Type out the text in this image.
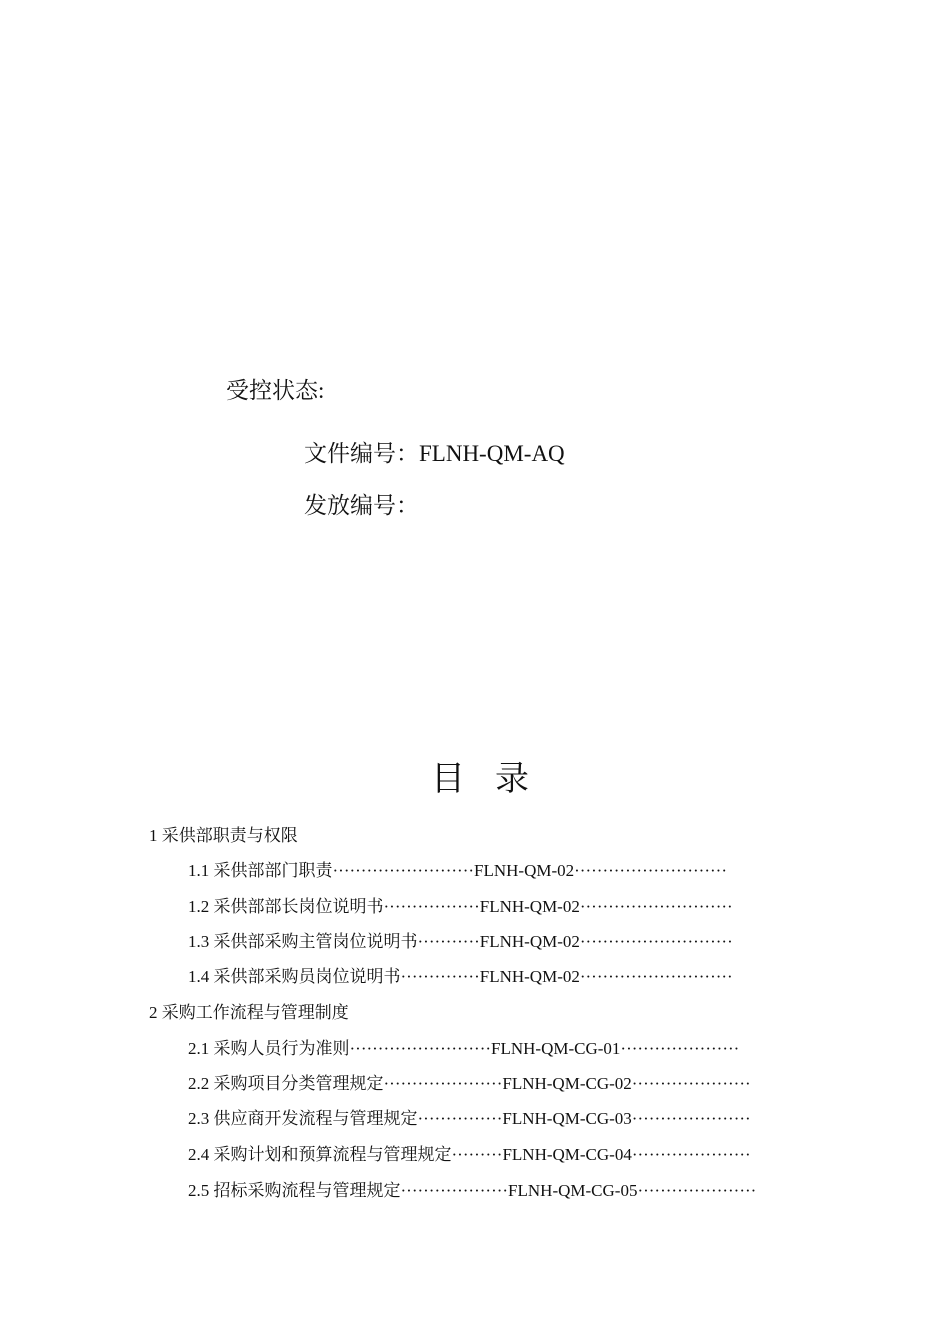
受控状态:
文件编号：FLNH-QM-AQ
发放编号：
目录
1 采供部职责与权限
1.1 采供部部门职责·························FLNH-QM-02···························
1.2 采供部部长岗位说明书·················FLNH-QM-02···························
1.3 采供部采购主管岗位说明书···········FLNH-QM-02···························
1.4 采供部采购员岗位说明书··············FLNH-QM-02···························
2 采购工作流程与管理制度
2.1 采购人员行为准则·························FLNH-QM-CG-01·····················
2.2 采购项目分类管理规定·····················FLNH-QM-CG-02·····················
2.3 供应商开发流程与管理规定···············FLNH-QM-CG-03·····················
2.4 采购计划和预算流程与管理规定·········FLNH-QM-CG-04·····················
2.5 招标采购流程与管理规定···················FLNH-QM-CG-05·····················
